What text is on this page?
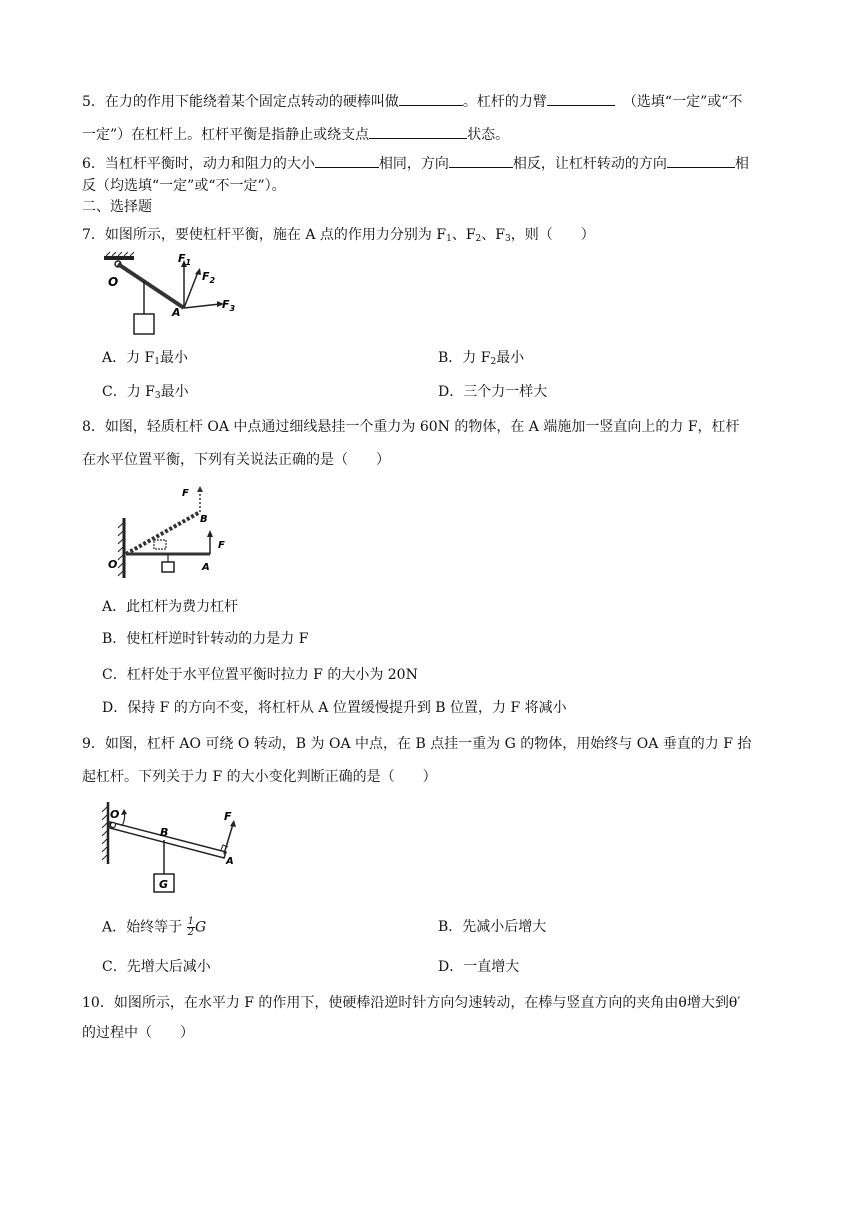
5．在力的作用下能绕着某个固定点转动的硬棒叫做	。杠杆的力臂	（选填“一定”或“不
一定”）在杠杆上。杠杆平衡是指静止或绕支点	状态。
6．当杠杆平衡时，动力和阻力的大小	相同，方向	相反，让杠杆转动的方向	相
反（均选填“一定”或“不一定”）。
二、选择题
7．如图所示，要使杠杆平衡，施在 A 点的作用力分别为 $F_1$、$F_2$、$F_3$，则（　　）
O
A
$F_1$
$F_2$
$F_3$
A．力 $F_1$最小	B．力 $F_2$最小
C．力 $F_3$最小	D．三个力一样大
8．如图，轻质杠杆 OA 中点通过细线悬挂一个重力为 60N 的物体，在 A 端施加一竖直向上的力 F，杠杆
在水平位置平衡，下列有关说法正确的是（　　）
O	A
B
F
F
A．此杠杆为费力杠杆
B．使杠杆逆时针转动的力是力 F
C．杠杆处于水平位置平衡时拉力 F 的大小为 20N
D．保持 F 的方向不变，将杠杆从 A 位置缓慢提升到 B 位置，力 F 将减小
9．如图，杠杆 AO 可绕 O 转动，B 为 OA 中点，在 B 点挂一重为 G 的物体，用始终与 OA 垂直的力 F 抬
起杠杆。下列关于力 F 的大小变化判断正确的是（　　）
O
B
A
F
G
A．始终等于 $\frac{1}{2}$ G	B．先减小后增大
C．先增大后减小	D．一直增大
10．如图所示，在水平力 F 的作用下，使硬棒沿逆时针方向匀速转动，在棒与竖直方向的夹角由θ增大到θ′
的过程中（　　）
